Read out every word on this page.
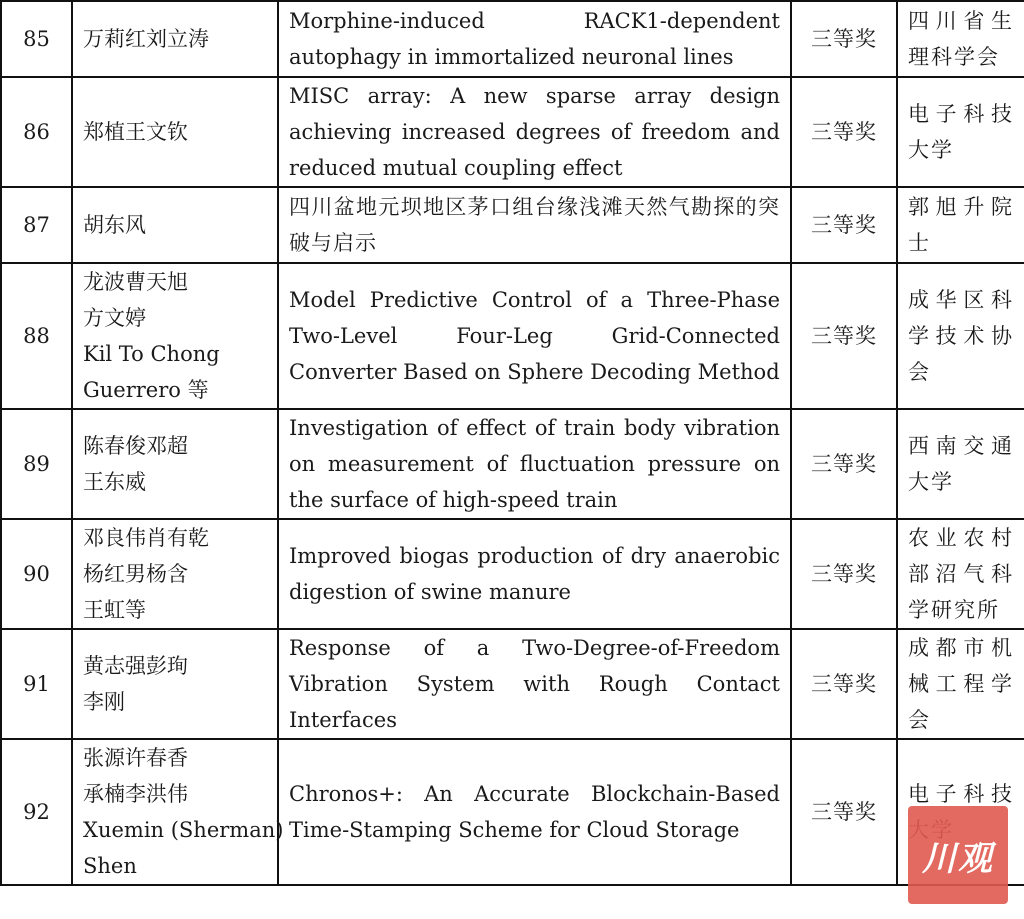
85	万莉红刘立涛	Morphine-induced RACK1-dependent autophagy in immortalized neuronal lines	三等奖	四川省生理科学会
86	郑植王文钦	MISC array: A new sparse array design achieving increased degrees of freedom and reduced mutual coupling effect	三等奖	电子科技大学
87	胡东风	四川盆地元坝地区茅口组台缘浅滩天然气勘探的突破与启示	三等奖	郭旭升院士
88	龙波曹天旭
方文婷
Kil To Chong
Guerrero 等	Model Predictive Control of a Three-Phase Two-Level Four-Leg Grid-Connected Converter Based on Sphere Decoding Method	三等奖	成华区科学技术协会
89	陈春俊邓超
王东威	Investigation of effect of train body vibration on measurement of fluctuation pressure on the surface of high-speed train	三等奖	西南交通大学
90	邓良伟肖有乾
杨红男杨含
王虹等	Improved biogas production of dry anaerobic digestion of swine manure	三等奖	农业农村部沼气科学研究所
91	黄志强彭珣
李刚	Response of a Two-Degree-of-Freedom Vibration System with Rough Contact Interfaces	三等奖	成都市机械工程学会
92	张源许春香
承楠李洪伟
Xuemin (Sherman)
Shen	Chronos+: An Accurate Blockchain-Based Time-Stamping Scheme for Cloud Storage	三等奖	电子科技
川观
